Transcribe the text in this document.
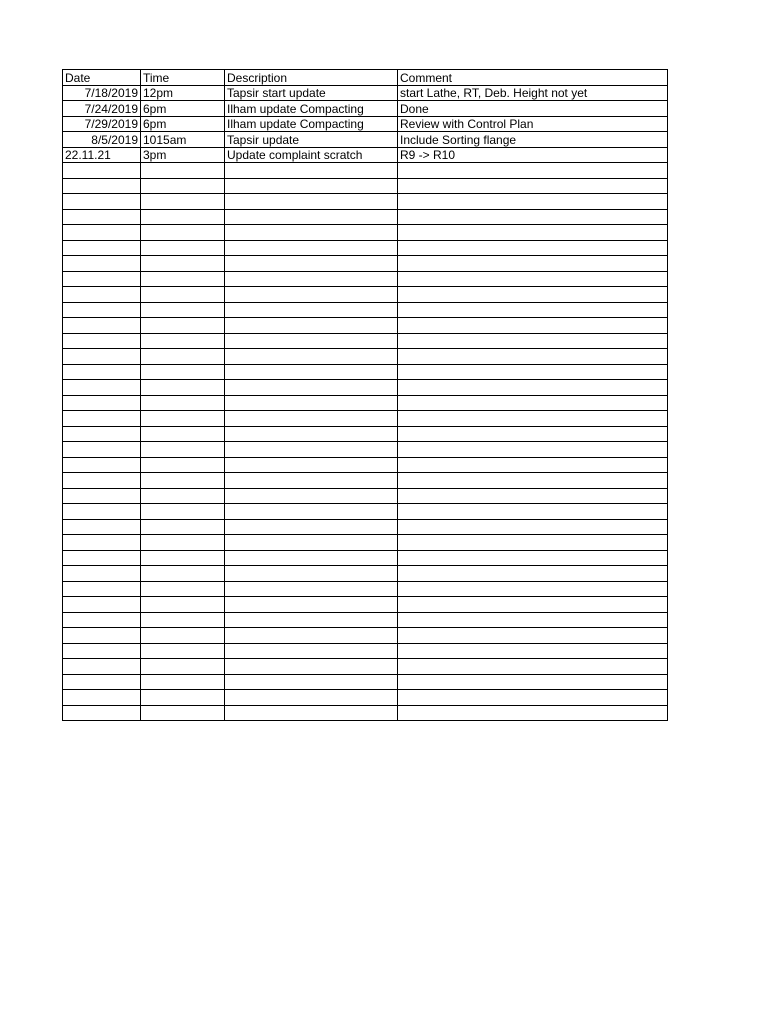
Date	Time	Description	Comment
7/18/2019	12pm	Tapsir start update	start Lathe, RT, Deb. Height not yet
7/24/2019	6pm	Ilham update Compacting	Done
7/29/2019	6pm	Ilham update Compacting	Review with Control Plan
8/5/2019	1015am	Tapsir update	Include Sorting flange
22.11.21	3pm	Update complaint scratch	R9 -> R10
